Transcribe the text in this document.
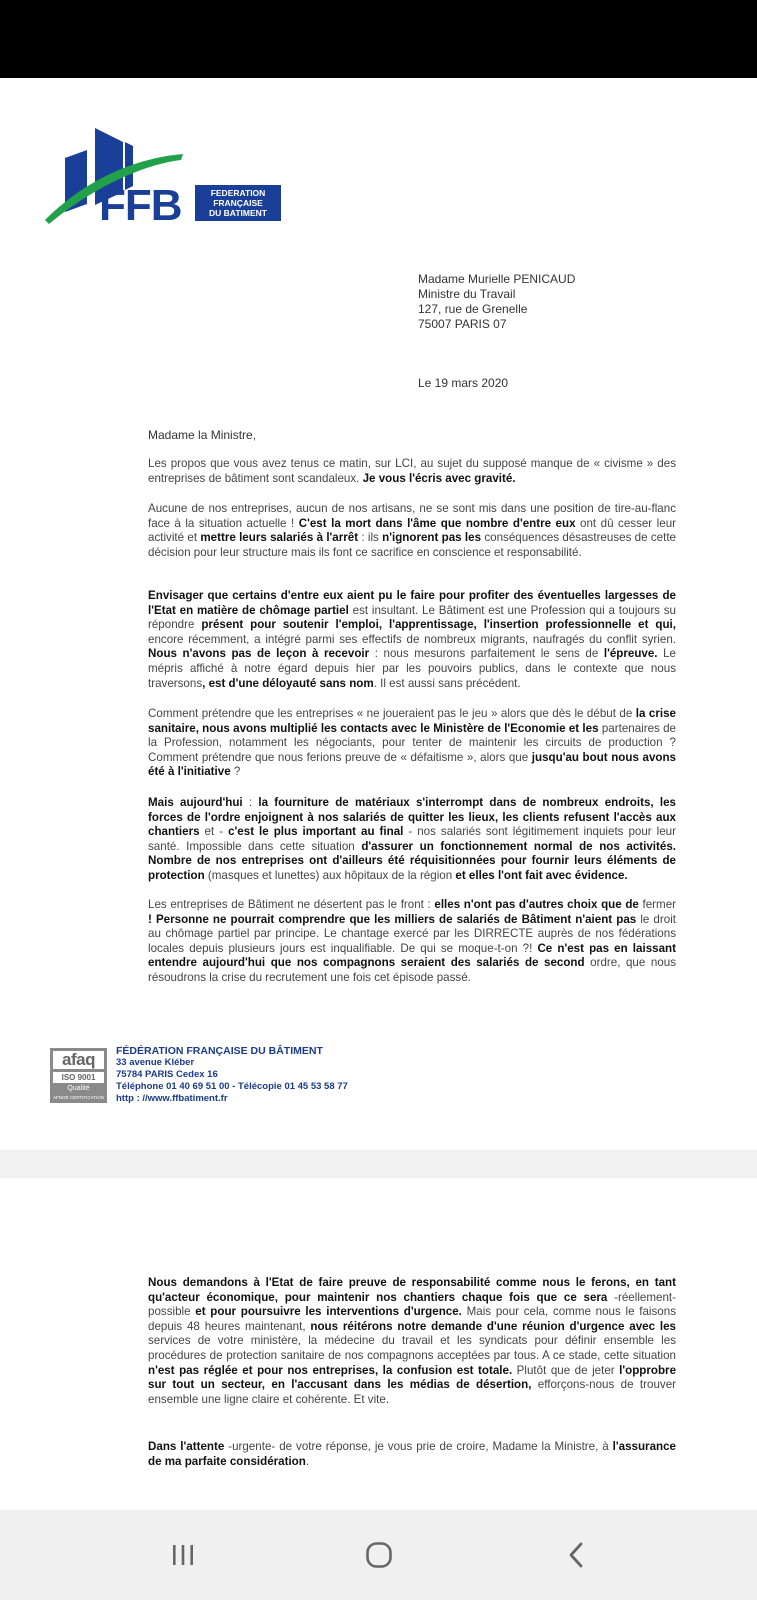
FFB	FEDERATION
FRANÇAISE
DU BATIMENT
Madame Murielle PENICAUD
Ministre du Travail
127, rue de Grenelle
75007 PARIS 07
Le 19 mars 2020
Madame la Ministre,
Les propos que vous avez tenus ce matin, sur LCI, au sujet du supposé manque de « civisme » des entreprises de bâtiment sont scandaleux. Je vous l'écris avec gravité.
Aucune de nos entreprises, aucun de nos artisans, ne se sont mis dans une position de tire-au-flanc face à la situation actuelle ! C'est la mort dans l'âme que nombre d'entre eux ont dû cesser leur activité et mettre leurs salariés à l'arrêt : ils n'ignorent pas les conséquences désastreuses de cette décision pour leur structure mais ils font ce sacrifice en conscience et responsabilité.
Envisager que certains d'entre eux aient pu le faire pour profiter des éventuelles largesses de l'Etat en matière de chômage partiel est insultant. Le Bâtiment est une Profession qui a toujours su répondre présent pour soutenir l'emploi, l'apprentissage, l'insertion professionnelle et qui, encore récemment, a intégré parmi ses effectifs de nombreux migrants, naufragés du conflit syrien. Nous n'avons pas de leçon à recevoir : nous mesurons parfaitement le sens de l'épreuve. Le mépris affiché à notre égard depuis hier par les pouvoirs publics, dans le contexte que nous traversons, est d'une déloyauté sans nom. Il est aussi sans précédent.
Comment prétendre que les entreprises « ne joueraient pas le jeu » alors que dès le début de la crise sanitaire, nous avons multiplié les contacts avec le Ministère de l'Economie et les partenaires de la Profession, notamment les négociants, pour tenter de maintenir les circuits de production ? Comment prétendre que nous ferions preuve de « défaitisme », alors que jusqu'au bout nous avons été à l'initiative ?
Mais aujourd'hui : la fourniture de matériaux s'interrompt dans de nombreux endroits, les forces de l'ordre enjoignent à nos salariés de quitter les lieux, les clients refusent l'accès aux chantiers et - c'est le plus important au final - nos salariés sont légitimement inquiets pour leur santé. Impossible dans cette situation d'assurer un fonctionnement normal de nos activités. Nombre de nos entreprises ont d'ailleurs été réquisitionnées pour fournir leurs éléments de protection (masques et lunettes) aux hôpitaux de la région et elles l'ont fait avec évidence.
Les entreprises de Bâtiment ne désertent pas le front : elles n'ont pas d'autres choix que de fermer ! Personne ne pourrait comprendre que les milliers de salariés de Bâtiment n'aient pas le droit au chômage partiel par principe. Le chantage exercé par les DIRRECTE auprès de nos fédérations locales depuis plusieurs jours est inqualifiable. De qui se moque-t-on ?! Ce n'est pas en laissant entendre aujourd'hui que nos compagnons seraient des salariés de second ordre, que nous résoudrons la crise du recrutement une fois cet épisode passé.
afaq
ISO 9001
Qualité
AFNOR CERTIFICATION
FÉDÉRATION FRANÇAISE DU BÂTIMENT
33 avenue Kléber
75784 PARIS Cedex 16
Téléphone 01 40 69 51 00 - Télécopie 01 45 53 58 77
http : //www.ffbatiment.fr
Nous demandons à l'Etat de faire preuve de responsabilité comme nous le ferons, en tant qu'acteur économique, pour maintenir nos chantiers chaque fois que ce sera -réellement- possible et pour poursuivre les interventions d'urgence. Mais pour cela, comme nous le faisons depuis 48 heures maintenant, nous réitérons notre demande d'une réunion d'urgence avec les services de votre ministère, la médecine du travail et les syndicats pour définir ensemble les procédures de protection sanitaire de nos compagnons acceptées par tous. A ce stade, cette situation n'est pas réglée et pour nos entreprises, la confusion est totale. Plutôt que de jeter l'opprobre sur tout un secteur, en l'accusant dans les médias de désertion, efforçons-nous de trouver ensemble une ligne claire et cohérente. Et vite.
Dans l'attente -urgente- de votre réponse, je vous prie de croire, Madame la Ministre, à l'assurance de ma parfaite considération.
